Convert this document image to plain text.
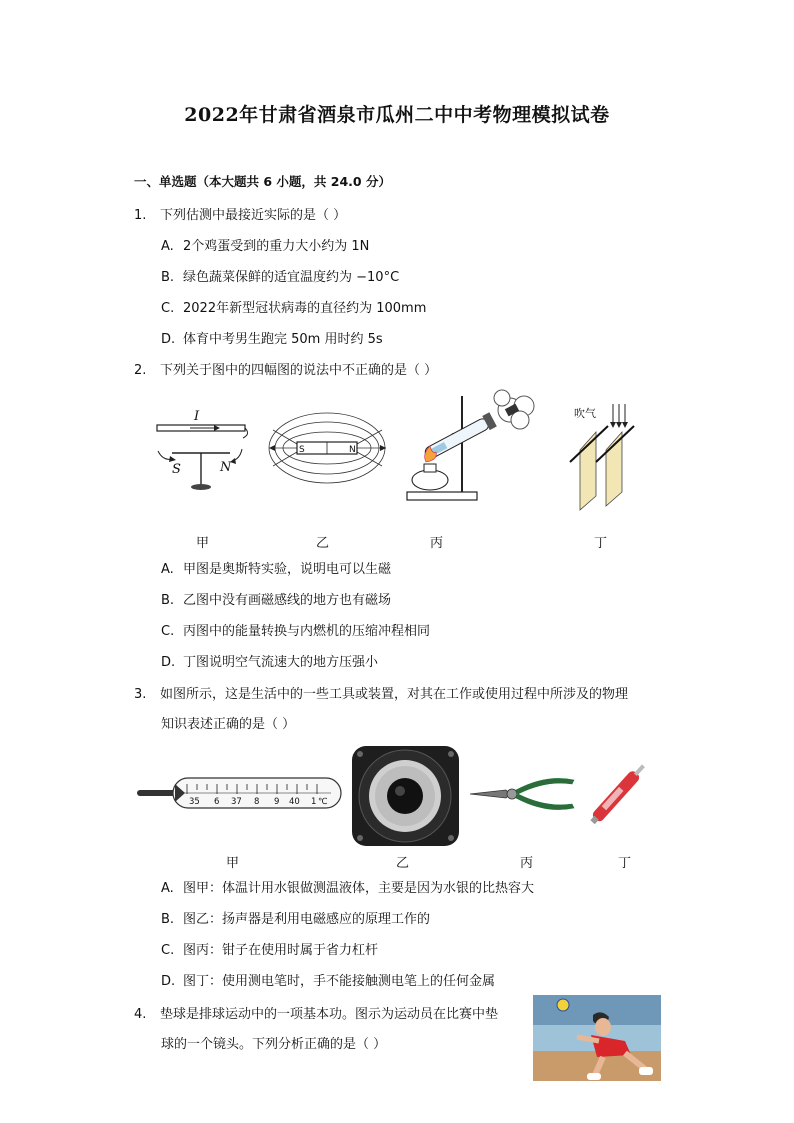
2022年甘肃省酒泉市瓜州二中中考物理模拟试卷
一、单选题（本大题共 6 小题，共 24.0 分）
1. 下列估测中最接近实际的是（ ）
A. 2个鸡蛋受到的重力大小约为 1N
B. 绿色蔬菜保鲜的适宜温度约为 −10°C
C. 2022年新型冠状病毒的直径约为 100mm
D. 体育中考男生跑完 50m 用时约 5s
2. 下列关于图中的四幅图的说法中不正确的是（ ）
I
S	N
S	N
吹气
甲	乙	丙	丁
A. 甲图是奥斯特实验，说明电可以生磁
B. 乙图中没有画磁感线的地方也有磁场
C. 丙图中的能量转换与内燃机的压缩冲程相同
D. 丁图说明空气流速大的地方压强小
3. 如图所示，这是生活中的一些工具或装置，对其在工作或使用过程中所涉及的物理
知识表述正确的是（ ）
35 6 37 8 9 40 1 ℃
甲	乙	丙	丁
A. 图甲：体温计用水银做测温液体，主要是因为水银的比热容大
B. 图乙：扬声器是利用电磁感应的原理工作的
C. 图丙：钳子在使用时属于省力杠杆
D. 图丁：使用测电笔时，手不能接触测电笔上的任何金属
4. 垫球是排球运动中的一项基本功。图示为运动员在比赛中垫
球的一个镜头。下列分析正确的是（ ）
